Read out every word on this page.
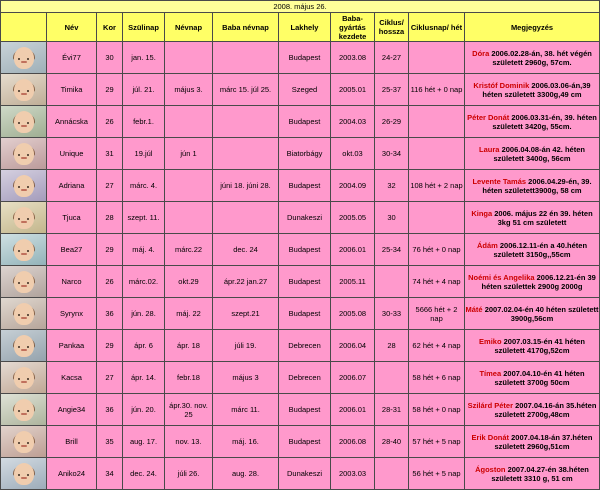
2008. május 26.										
	Név	Kor	Szülinap	Névnap	Baba névnap	Lakhely	Baba-gyártás kezdete	Ciklus/ hossza	Ciklusnap/ hét	Megjegyzés

	Évi77	30	jan. 15.			Budapest	2003.08	24-27		Dóra 2006.02.28-án, 38. hét végén született 2960g, 57cm.

	Timika	29	júl. 21.	május 3.	márc 15. júl 25.	Szeged	2005.01	25-37	116 hét + 0 nap	Kristóf Dominik 2006.03.06-án,39 héten született 3300g,49 cm

	Annácska	26	febr.1.			Budapest	2004.03	26-29		Péter Donát 2006.03.31-én, 39. héten született 3420g, 55cm.

	Unique	31	19.júl	jún 1		Biatorbágy	okt.03	30-34		Laura 2006.04.08-án 42. héten született 3400g, 56cm

	Adriana	27	márc. 4.		júni 18. júni 28.	Budapest	2004.09	32	108 hét + 2 nap	Levente Tamás 2006.04.29-én, 39. héten született3900g, 58 cm

	Tjuca	28	szept. 11.			Dunakeszi	2005.05	30		Kinga 2006. május 22 én 39. héten 3kg 51 cm született

	Bea27	29	máj. 4.	márc.22	dec. 24	Budapest	2006.01	25-34	76 hét + 0 nap	Ádám 2006.12.11-én a 40.héten született 3150g,,55cm

	Narco	26	márc.02.	okt.29	ápr.22 jan.27	Budapest	2005.11		74 hét + 4 nap	Noémi és Angelika 2006.12.21-én 39 héten születtek 2900g 2000g

	Syrynx	36	jún. 28.	máj. 22	szept.21	Budapest	2005.08	30-33	5666 hét + 2 nap	Máté 2007.02.04-én 40 héten született 3900g,56cm

	Pankaa	29	ápr. 6	ápr. 18	júli 19.	Debrecen	2006.04	28	62 hét + 4 nap	Emiko 2007.03.15-én 41 héten született 4170g,52cm

	Kacsa	27	ápr. 14.	febr.18	május 3	Debrecen	2006.07		58 hét + 6 nap	Tímea 2007.04.10-én 41 héten született 3700g 50cm

	Angie34	36	jún. 20.	ápr.30. nov. 25	márc 11.	Budapest	2006.01	28-31	58 hét + 0 nap	Szilárd Péter 2007.04.16-án 35.héten született 2700g,48cm

	Brill	35	aug. 17.	nov. 13.	máj. 16.	Budapest	2006.08	28-40	57 hét + 5 nap	Erik Donát 2007.04.18-án 37.héten született 2960g,51cm

	Aniko24	34	dec. 24.	júli 26.	aug. 28.	Dunakeszi	2003.03		56 hét + 5 nap	Ágoston 2007.04.27-én 38.héten született 3310 g, 51 cm
